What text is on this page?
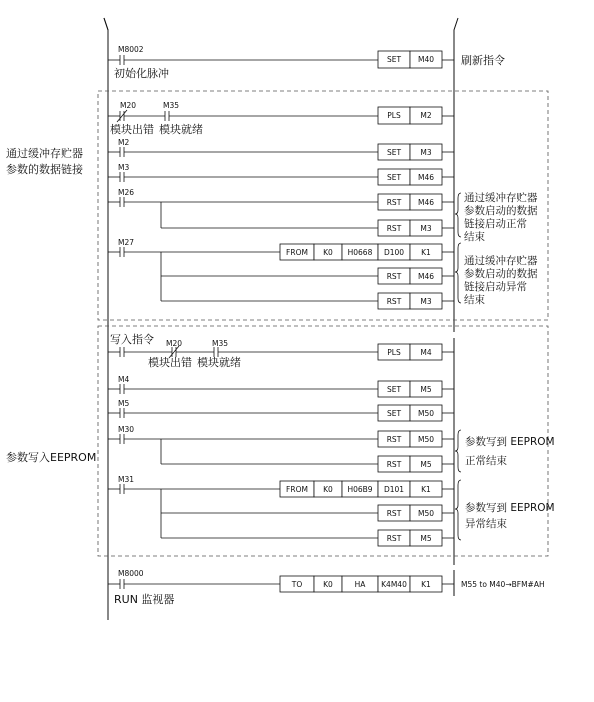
M8002
SET M40
初始化脉冲
刷新指令
M20	M35
PLS	M2
模块出错 模块就绪
M2
SET	M3
M3
SET M46
通过缓冲存贮器
参数的数据链接
M26
RST M46
RST	M3
通过缓冲存贮器
参数启动的数据
链接启动正常
结束
M27
FROM K0 H0668 D100 K1
RST M46
RST	M3
通过缓冲存贮器
参数启动的数据
链接启动异常
结束
写入指令 M20	M35
PLS	M4
模块出错 模块就绪
M4
SET	M5
M5
SET M50
参数写入EEPROM
M30
RST M50
RST	M5
参数写到 EEPROM
正常结束
M31
FROM K0 H06B9 D101 K1
RST M50
RST	M5
参数写到 EEPROM
异常结束
M8000
TO	K0	HA K4M40 K1
RUN 监视器
M55 to M40→BFM#AH
